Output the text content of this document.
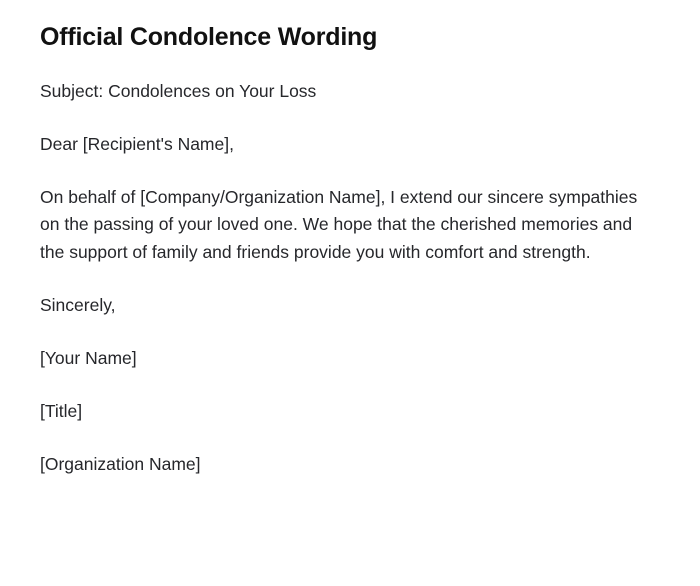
Official Condolence Wording

Subject: Condolences on Your Loss

Dear [Recipient's Name],

On behalf of [Company/Organization Name], I extend our sincere sympathies on the passing of your loved one. We hope that the cherished memories and the support of family and friends provide you with comfort and strength.

Sincerely,

[Your Name]

[Title]

[Organization Name]
